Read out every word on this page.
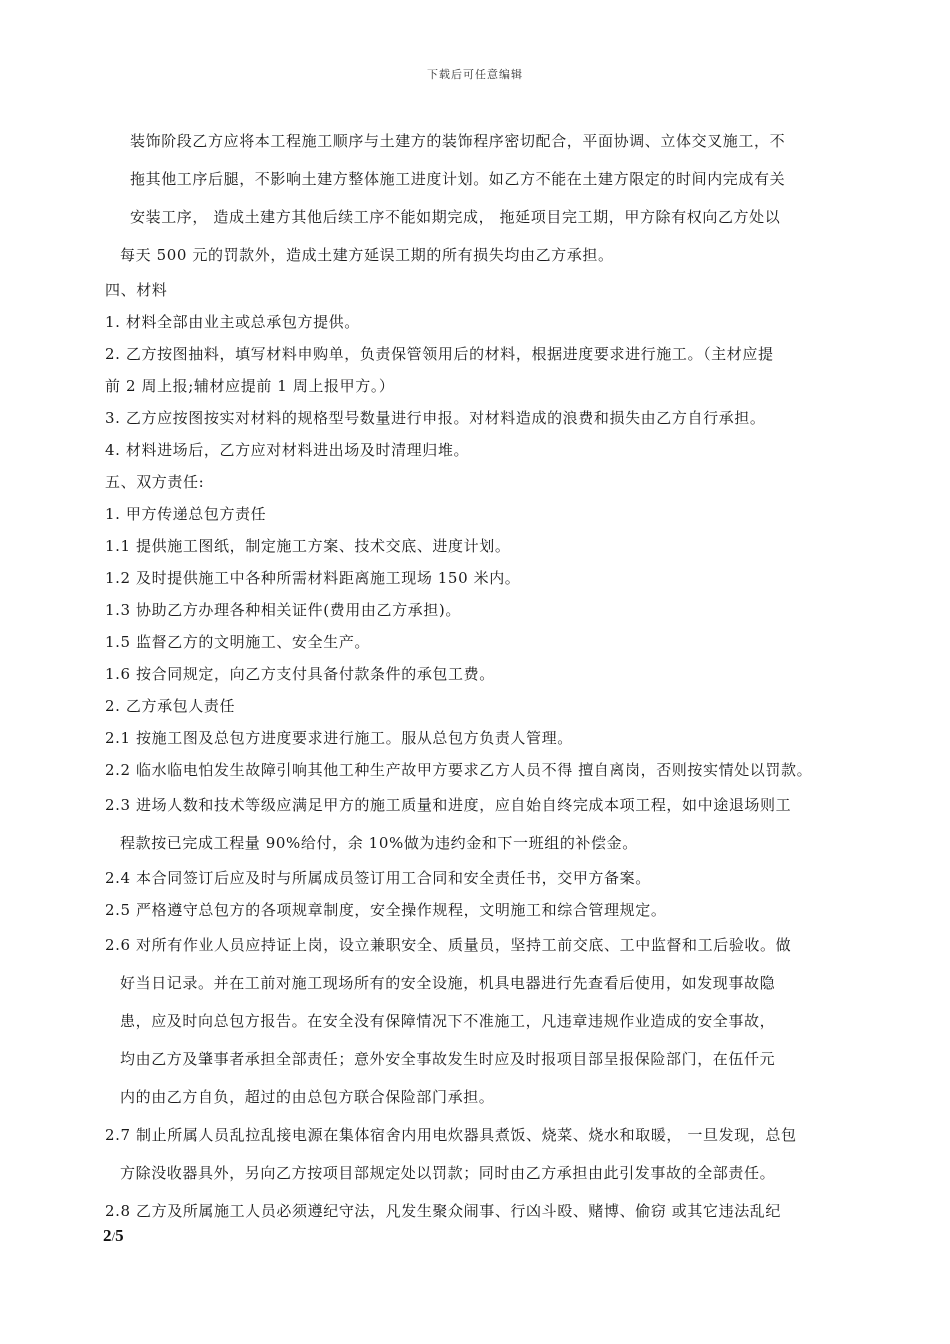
下载后可任意编辑
装饰阶段乙方应将本工程施工顺序与土建方的装饰程序密切配合，平面协调、立体交叉施工，不
拖其他工序后腿，不影响土建方整体施工进度计划。如乙方不能在土建方限定的时间内完成有关
安装工序， 造成土建方其他后续工序不能如期完成， 拖延项目完工期，甲方除有权向乙方处以
每天 500 元的罚款外，造成土建方延误工期的所有损失均由乙方承担。
四、材料
1. 材料全部由业主或总承包方提供。
2. 乙方按图抽料，填写材料申购单，负责保管领用后的材料，根据进度要求进行施工。（主材应提
前 2 周上报;辅材应提前 1 周上报甲方。）
3. 乙方应按图按实对材料的规格型号数量进行申报。对材料造成的浪费和损失由乙方自行承担。
4. 材料进场后，乙方应对材料进出场及时清理归堆。
五、双方责任:
1. 甲方传递总包方责任
1.1 提供施工图纸，制定施工方案、技术交底、进度计划。
1.2 及时提供施工中各种所需材料距离施工现场 150 米内。
1.3 协助乙方办理各种相关证件(费用由乙方承担)。
1.5 监督乙方的文明施工、安全生产。
1.6 按合同规定，向乙方支付具备付款条件的承包工费。
2. 乙方承包人责任
2.1 按施工图及总包方进度要求进行施工。服从总包方负责人管理。
2.2 临水临电怕发生故障引响其他工种生产故甲方要求乙方人员不得 擅自离岗，否则按实情处以罚款。
2.3 进场人数和技术等级应满足甲方的施工质量和进度，应自始自终完成本项工程，如中途退场则工
程款按已完成工程量 90%给付，余 10%做为违约金和下一班组的补偿金。
2.4 本合同签订后应及时与所属成员签订用工合同和安全责任书，交甲方备案。
2.5 严格遵守总包方的各项规章制度，安全操作规程，文明施工和综合管理规定。
2.6 对所有作业人员应持证上岗，设立兼职安全、质量员，坚持工前交底、工中监督和工后验收。做
好当日记录。并在工前对施工现场所有的安全设施，机具电器进行先查看后使用，如发现事故隐
患，应及时向总包方报告。在安全没有保障情况下不准施工，凡违章违规作业造成的安全事故，
均由乙方及肇事者承担全部责任；意外安全事故发生时应及时报项目部呈报保险部门，在伍仟元
内的由乙方自负，超过的由总包方联合保险部门承担。
2.7 制止所属人员乱拉乱接电源在集体宿舍内用电炊器具煮饭、烧菜、烧水和取暖， 一旦发现，总包
方除没收器具外，另向乙方按项目部规定处以罚款；同时由乙方承担由此引发事故的全部责任。
2.8 乙方及所属施工人员必须遵纪守法，凡发生聚众闹事、行凶斗殴、赌博、偷窃 或其它违法乱纪
2/5
